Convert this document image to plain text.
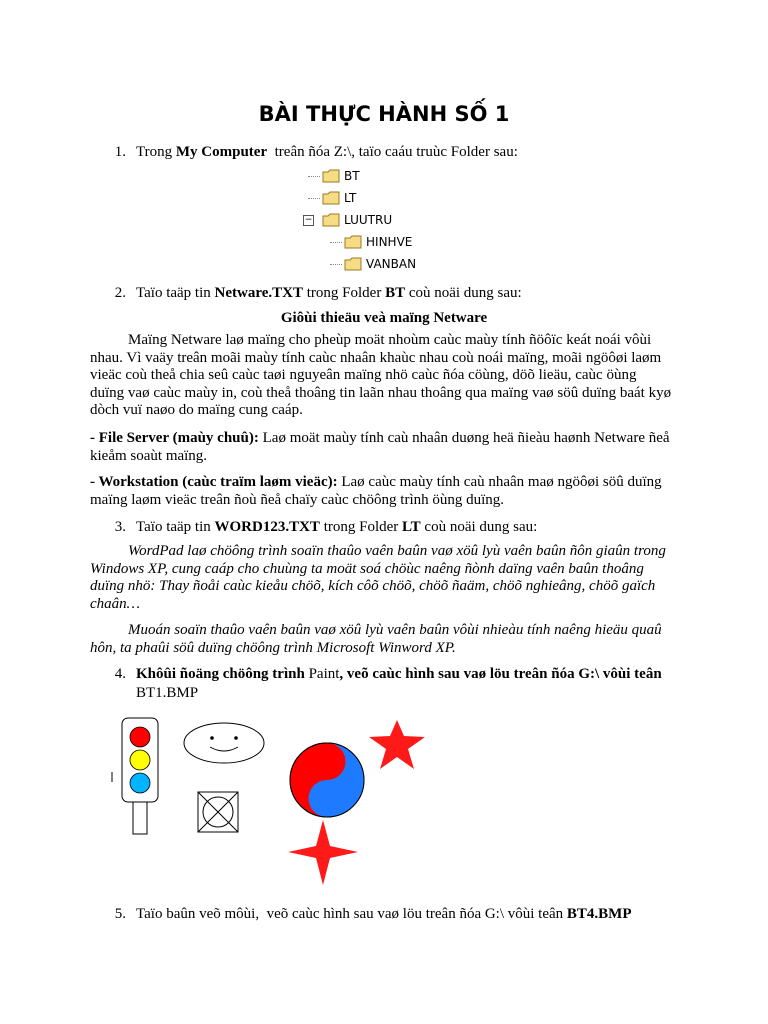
BÀI THỰC HÀNH SỐ 1
1. Trong My Computer  treân ñóa Z:\, taïo caáu truùc Folder sau:
BT
LT
−	LUUTRU
HINHVE
VANBAN
2. Taïo taäp tin Netware.TXT trong Folder BT coù noäi dung sau:
Giôùi thieäu veà maïng Netware
Maïng Netware laø maïng cho pheùp moät nhoùm caùc maùy tính ñöôïc keát noái vôùi
nhau. Vì vaäy treân moãi maùy tính caùc nhaân khaùc nhau coù noái maïng, moãi ngöôøi laøm
vieäc coù theå chia seû caùc taøi nguyeân maïng nhö caùc ñóa cöùng, döõ lieäu, caùc öùng
duïng vaø caùc maùy in, coù theå thoâng tin laãn nhau thoâng qua maïng vaø söû duïng baát kyø
dòch vuï naøo do maïng cung caáp.
- File Server (maùy chuû): Laø moät maùy tính caù nhaân duøng heä ñieàu haønh Netware ñeå
kieåm soaùt maïng.
- Workstation (caùc traïm laøm vieäc): Laø caùc maùy tính caù nhaân maø ngöôøi söû duïng
maïng laøm vieäc treân ñoù ñeå chaïy caùc chöông trình öùng duïng.
3. Taïo taäp tin WORD123.TXT trong Folder LT coù noäi dung sau:
WordPad laø chöông trình soaïn thaûo vaên baûn vaø xöû lyù vaên baûn ñôn giaûn trong
Windows XP, cung caáp cho chuùng ta moät soá chöùc naêng ñònh daïng vaên baûn thoâng
duïng nhö: Thay ñoåi caùc kieåu chöõ, kích côõ chöõ, chöõ ñaäm, chöõ nghieâng, chöõ gaïch
chaân…
Muoán soaïn thaûo vaên baûn vaø xöû lyù vaên baûn vôùi nhieàu tính naêng hieäu quaû
hôn, ta phaûi söû duïng chöông trình Microsoft Winword XP.
4. Khôûi ñoäng chöông trình Paint, veõ caùc hình sau vaø löu treân ñóa G:\ vôùi teân
BT1.BMP
5. Taïo baûn veõ môùi,  veõ caùc hình sau vaø löu treân ñóa G:\ vôùi teân BT4.BMP
